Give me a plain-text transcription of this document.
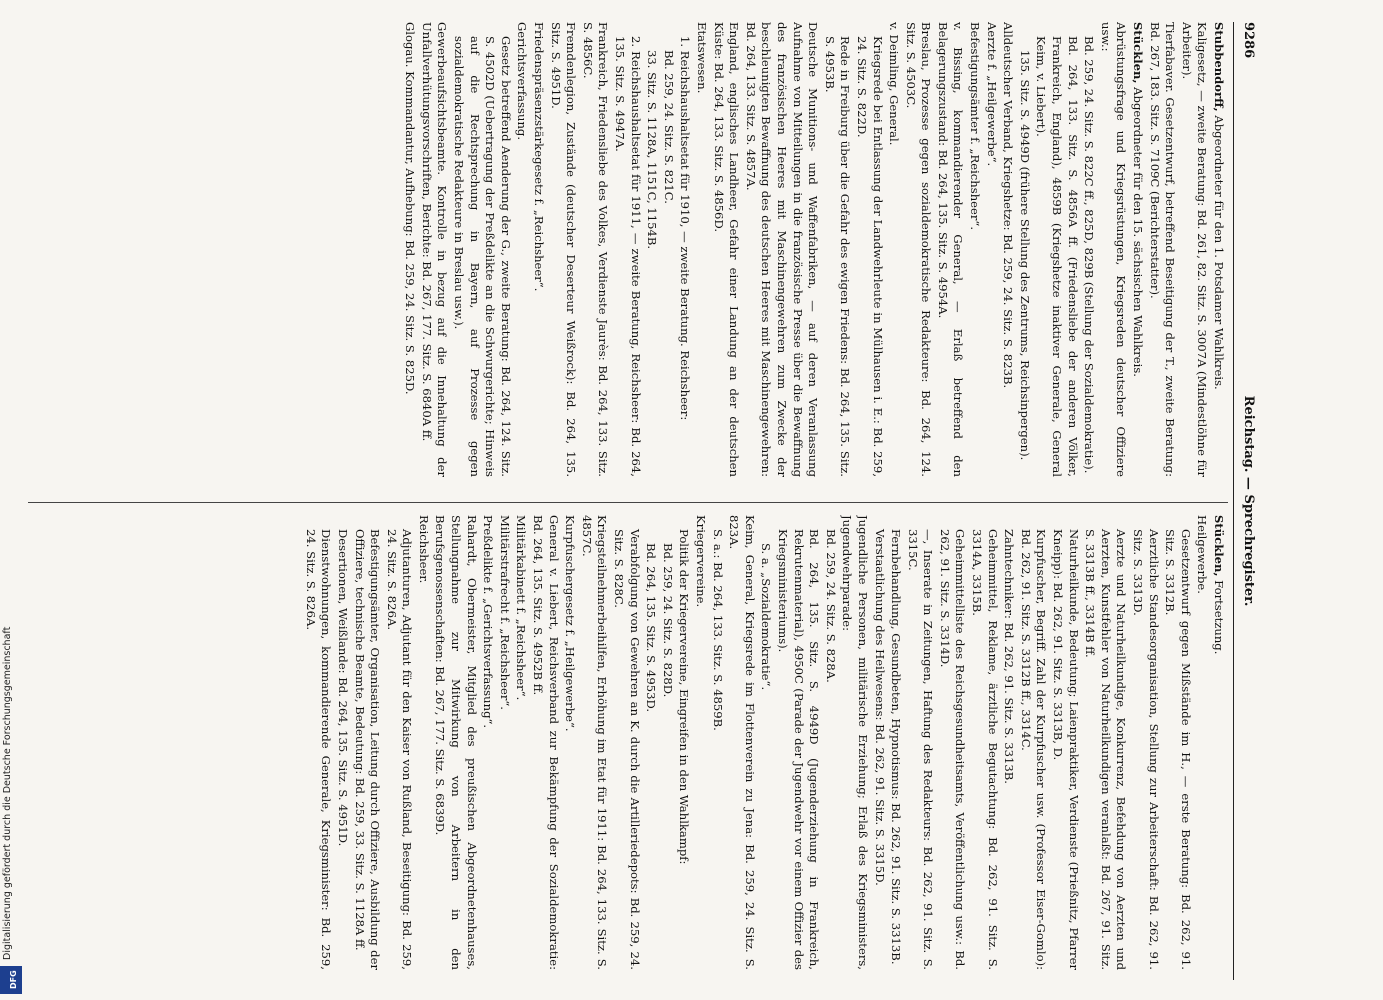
9286
Reichstag. — Sprechregister.
Stubbendorff, Abgeordneter für den 1. Potsdamer Wahlkreis.
Kaligesetz, — zweite Beratung: Bd. 261, 82. Sitz. S. 3007A (Mindestlöhne für Arbeiter).
Tierfabaver. Gesetzentwurf, betreffend Beseitigung der T., zweite Beratung: Bd. 267, 183. Sitz. S. 7109C (Berichterstatter).
Stücklen, Abgeordneter für den 15. sächsischen Wahlkreis.
Abrüstungsfrage und Kriegsrüstungen, Kriegsreden deutscher Offiziere usw.:
Bd. 259, 24. Sitz. S. 822C ff., 825D, 829B (Stellung der Sozialdemokratie).
Bd. 264, 133. Sitz. S. 4856A ff. (Friedensliebe der anderen Völker, Frankreich, England), 4859B (Kriegshetze inaktiver Generale, General Keim, v. Liebert).
135. Sitz. S. 4949D (frühere Stellung des Zentrums, Reichsinpergen).
Alldeutscher Verband, Kriegshetze: Bd. 259, 24. Sitz. S. 823B.
Aerzte f. „Heilgewerbe“.
Befestigungsämter f. „Reichsheer“.
v. Bissing, kommandierender General, — Erlaß betreffend den Belagerungszustand: Bd. 264, 135. Sitz. S. 4954A.
Breslau, Prozesse gegen sozialdemokratische Redakteure: Bd. 264, 124. Sitz. S. 4503C.
v. Deimling, General.
Kriegsrede bei Entlassung der Landwehrleute in Mülhausen i. E.: Bd. 259, 24. Sitz. S. 822D.
Rede in Freiburg über die Gefahr des ewigen Friedens: Bd. 264, 135. Sitz. S. 4953B.
Deutsche Munitions- und Waffenfabriken, — auf deren Veranlassung Aufnahme von Mitteilungen in die französische Presse über die Bewaffnung des französischen Heeres mit Maschinengewehren zum Zwecke der beschleunigten Bewaffnung des deutschen Heeres mit Maschinengewehren: Bd. 264, 133. Sitz. S. 4857A.
England, englisches Landheer, Gefahr einer Landung an der deutschen Küste: Bd. 264, 133. Sitz. S. 4856D.
Etatswesen.
1. Reichshaushaltsetat für 1910, — zweite Beratung. Reichsheer:
Bd. 259, 24. Sitz. S. 821C.
33. Sitz. S. 1128A, 1151C, 1154B.
2. Reichshaushaltsetat für 1911, — zweite Beratung, Reichsheer: Bd. 264, 135. Sitz. S. 4947A.
Frankreich, Friedensliebe des Volkes, Verdienste Jaurès: Bd. 264, 133. Sitz. S. 4856C.
Fremdenlegion, Zustände (deutscher Deserteur Weißrock): Bd. 264, 135. Sitz. S. 4951D.
Friedenspräsenzstärkegesetz f. „Reichsheer“.
Gerichtsverfassung.
Gesetz betreffend Aenderung der G., zweite Beratung: Bd. 264, 124. Sitz. S. 4502D (Uebertragung der Preßdelikte an die Schwurgerichte; Hinweis auf die Rechtsprechung in Bayern, auf Prozesse gegen sozialdemokratische Redakteure in Breslau usw.).
Gewerbeaufsichtsbeamte. Kontrolle in bezug auf die Innehaltung der Unfallverhütungsvorschriften, Berichte: Bd. 267, 177. Sitz. S. 6840A ff.
Glogau. Kommandantur, Aufhebung: Bd. 259, 24. Sitz. S. 825D.
Stücklen, Fortsetzung.
Heilgewerbe.
Gesetzentwurf gegen Mißstände im H., — erste Beratung: Bd. 262, 91. Sitz. S. 3312B.
Aerztliche Standesorganisation, Stellung zur Arbeiterschaft: Bd. 262, 91. Sitz. S. 3313D.
Aerzte und Naturheilkundige, Konkurrenz, Befehdung von Aerzten und Aerzten, Kunstfehler von Naturheilkundigen veranlaßt: Bd. 267, 91. Sitz. S. 3313B ff., 3314B ff.
Naturheilkunde, Bedeutung; Laienpraktiker, Verdienste (Prießnitz, Pfarrer Kneipp): Bd. 262, 91. Sitz. S. 3313B, D.
Kurpfuscher, Begriff. Zahl der Kurpfuscher usw. (Professor Eiser-Gomlo): Bd. 262, 91. Sitz. S. 3312B ff., 3314C.
Zahntechniker: Bd. 262, 91. Sitz. S. 3313B.
Geheimmittel, Reklame, ärztliche Begutachtung: Bd. 262, 91. Sitz. S. 3314A, 3315B.
Geheimmittelliste des Reichsgesundheitsamts, Veröffentlichung usw.: Bd. 262, 91. Sitz. S. 3314D.
—, Inserate in Zeitungen, Haftung des Redakteurs: Bd. 262, 91. Sitz. S. 3315C.
Fernbehandlung, Gesundbeten, Hypnotismus: Bd. 262, 91. Sitz. S. 3313B.
Verstaatlichung des Heilwesens: Bd. 262, 91. Sitz. S. 3315D.
Jugendliche Personen, militärische Erziehung; Erlaß des Kriegsministers, Jugendwehrparade:
Bd. 259, 24. Sitz. S. 828A.
Bd. 264, 135. Sitz. S. 4949D (Jugenderziehung in Frankreich, Rekrutenmaterial), 4950C (Parade der Jugendwehr vor einem Offizier des Kriegsministeriums).
S. a. „Sozialdemokratie“.
Keim, General, Kriegsrede im Flottenverein zu Jena: Bd. 259, 24. Sitz. S. 823A.
S. a.: Bd. 264, 133. Sitz. S. 4859B.
Kriegervereine.
Politik der Kriegervereine, Eingreifen in den Wahlkampf:
Bd. 259, 24. Sitz. S. 828D.
Bd. 264, 135. Sitz. S. 4953D.
Verabfolgung von Gewehren an K. durch die Artilleriedepots: Bd. 259, 24. Sitz. S. 828C.
Kriegsteilnehmerbeihilfen, Erhöhung im Etat für 1911: Bd. 264, 133. Sitz. S. 4857C.
Kurpfuschergesetz f. „Heilgewerbe“.
General v. Liebert, Reichsverband zur Bekämpfung der Sozialdemokratie: Bd. 264, 135. Sitz. S. 4952B ff.
Militärkabinett f. „Reichsheer“.
Militärstrafrecht f. „Reichsheer“.
Preßdelikte f. „Gerichtsverfassung“.
Rahardt, Obermeister, Mitglied des preußischen Abgeordnetenhauses, Stellungnahme zur Mitwirkung von Arbeitern in den Berufsgenossenschaften: Bd. 267, 177. Sitz. S. 6839D.
Reichsheer.
Adjutanturen, Adjutant für den Kaiser von Rußland, Beseitigung: Bd. 259, 24. Sitz. S. 826A.
Befestigungsämter, Organisation, Leitung durch Offiziere, Ausbildung der Offiziere, technische Beamte, Bedeutung: Bd. 259, 33. Sitz. S. 1128A ff.
Desertionen, Weißlande: Bd. 264, 135. Sitz. S. 4951D.
Dienstwohnungen, kommandierende Generale, Kriegsminister: Bd. 259, 24. Sitz. S. 826A.
Digitalisierung gefördert durch die Deutsche Forschungsgemeinschaft
DFG
